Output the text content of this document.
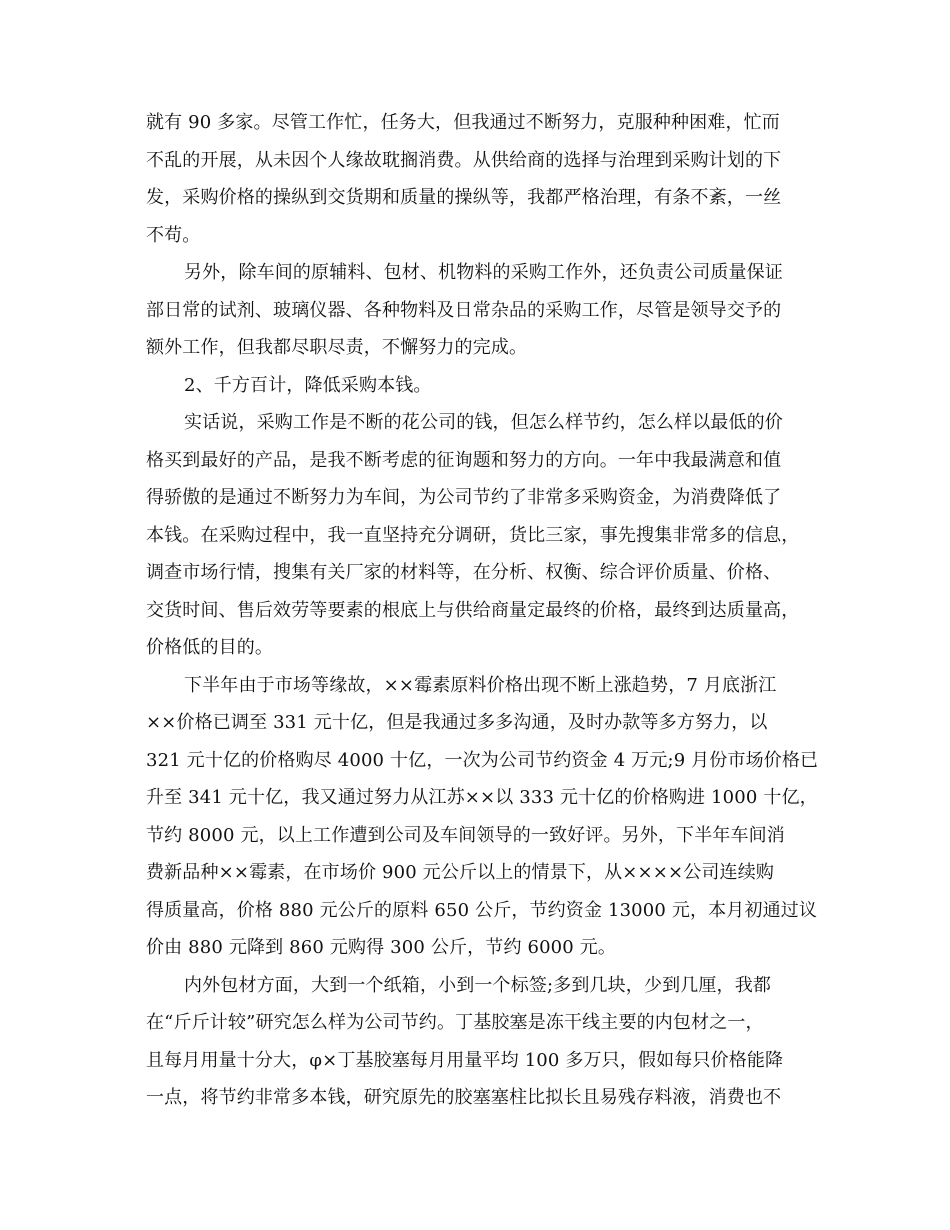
就有 90 多家。尽管工作忙，任务大，但我通过不断努力，克服种种困难，忙而
不乱的开展，从未因个人缘故耽搁消费。从供给商的选择与治理到采购计划的下
发，采购价格的操纵到交货期和质量的操纵等，我都严格治理，有条不紊，一丝
不苟。
另外，除车间的原辅料、包材、机物料的采购工作外，还负责公司质量保证
部日常的试剂、玻璃仪器、各种物料及日常杂品的采购工作，尽管是领导交予的
额外工作，但我都尽职尽责，不懈努力的完成。
2、千方百计，降低采购本钱。
实话说，采购工作是不断的花公司的钱，但怎么样节约，怎么样以最低的价
格买到最好的产品，是我不断考虑的征询题和努力的方向。一年中我最满意和值
得骄傲的是通过不断努力为车间，为公司节约了非常多采购资金，为消费降低了
本钱。在采购过程中，我一直坚持充分调研，货比三家，事先搜集非常多的信息，
调查市场行情，搜集有关厂家的材料等，在分析、权衡、综合评价质量、价格、
交货时间、售后效劳等要素的根底上与供给商量定最终的价格，最终到达质量高，
价格低的目的。
下半年由于市场等缘故，××霉素原料价格出现不断上涨趋势，7 月底浙江
××价格已调至 331 元十亿，但是我通过多多沟通，及时办款等多方努力，以
321 元十亿的价格购尽 4000 十亿，一次为公司节约资金 4 万元;9 月份市场价格已
升至 341 元十亿，我又通过努力从江苏××以 333 元十亿的价格购进 1000 十亿，
节约 8000 元，以上工作遭到公司及车间领导的一致好评。另外，下半年车间消
费新品种××霉素，在市场价 900 元公斤以上的情景下，从××××公司连续购
得质量高，价格 880 元公斤的原料 650 公斤，节约资金 13000 元，本月初通过议
价由 880 元降到 860 元购得 300 公斤，节约 6000 元。
内外包材方面，大到一个纸箱，小到一个标签;多到几块，少到几厘，我都
在“斤斤计较”研究怎么样为公司节约。丁基胶塞是冻干线主要的内包材之一，
且每月用量十分大，φ×丁基胶塞每月用量平均 100 多万只，假如每只价格能降
一点，将节约非常多本钱，研究原先的胶塞塞柱比拟长且易残存料液，消费也不
